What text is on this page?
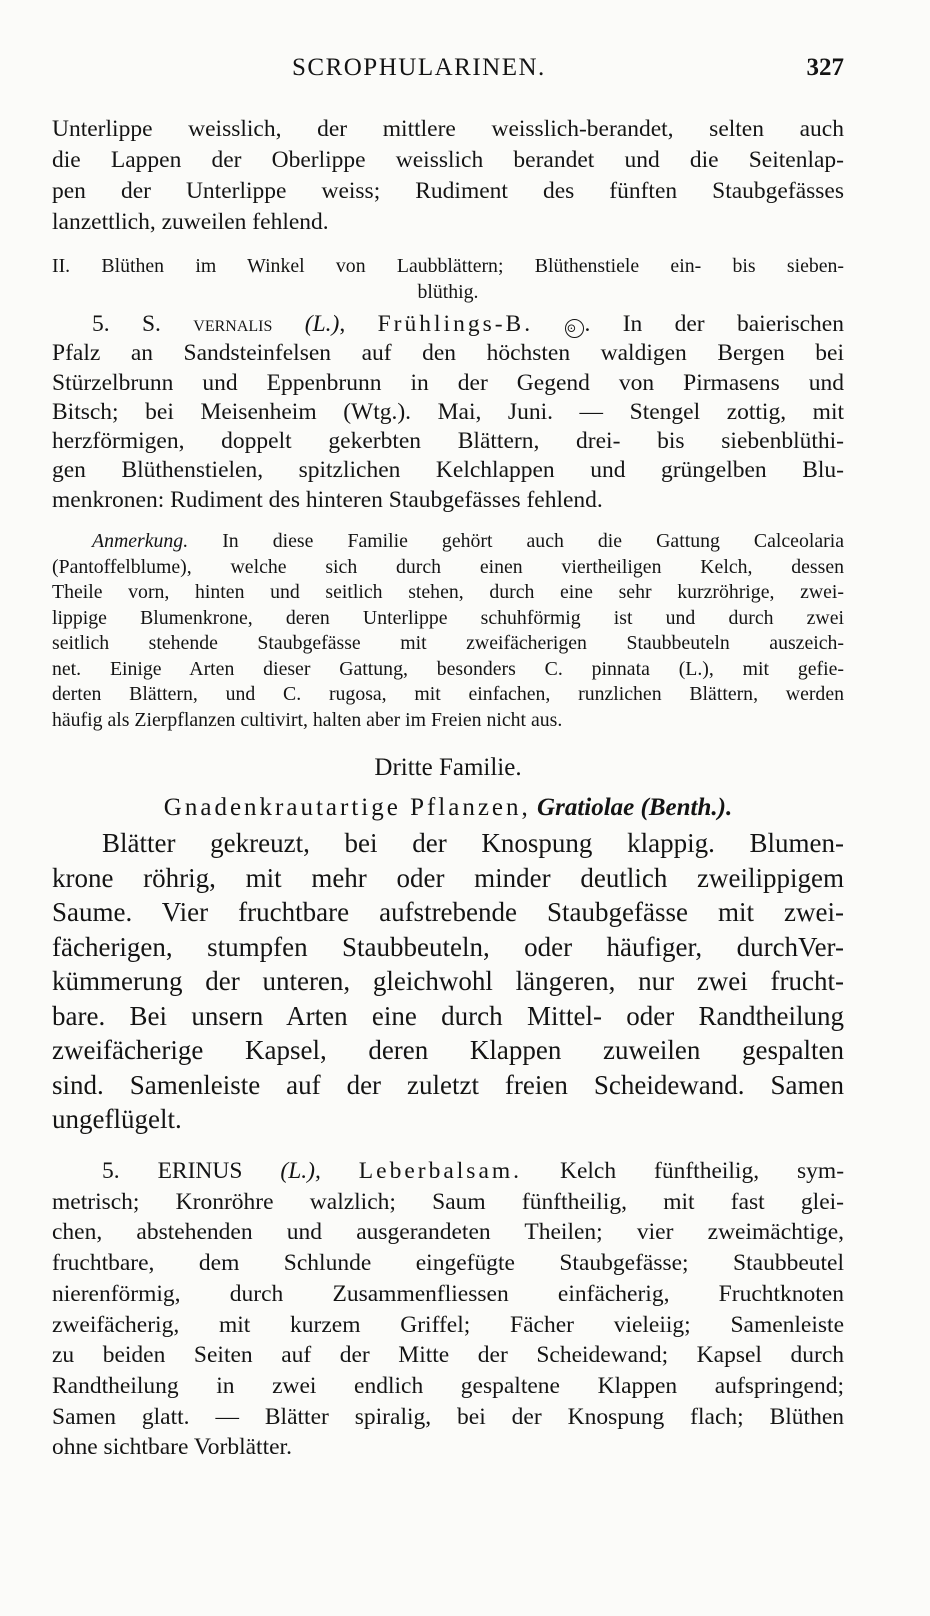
SCROPHULARINEN.	327
Unterlippe weisslich, der mittlere weisslich-berandet, selten auch
die Lappen der Oberlippe weisslich berandet und die Seitenlap-
pen der Unterlippe weiss; Rudiment des fünften Staubgefässes
lanzettlich, zuweilen fehlend.
II. Blüthen im Winkel von Laubblättern; Blüthenstiele ein- bis sieben-
blüthig.
5. S. vernalis (L.), Frühlings-B.	⊙ . In der baierischen
Pfalz an Sandsteinfelsen auf den höchsten waldigen Bergen bei
Stürzelbrunn und Eppenbrunn in der Gegend von Pirmasens und
Bitsch; bei Meisenheim (Wtg.). Mai, Juni. — Stengel zottig, mit
herzförmigen, doppelt gekerbten Blättern, drei- bis siebenblüthi-
gen Blüthenstielen, spitzlichen Kelchlappen und grüngelben Blu-
menkronen: Rudiment des hinteren Staubgefässes fehlend.
Anmerkung. In diese Familie gehört auch die Gattung Calceolaria
(Pantoffelblume), welche sich durch einen viertheiligen Kelch, dessen
Theile vorn, hinten und seitlich stehen, durch eine sehr kurzröhrige, zwei-
lippige Blumenkrone, deren Unterlippe schuhförmig ist und durch zwei
seitlich stehende Staubgefässe mit zweifächerigen Staubbeuteln auszeich-
net. Einige Arten dieser Gattung, besonders C. pinnata (L.), mit gefie-
derten Blättern, und C. rugosa, mit einfachen, runzlichen Blättern, werden
häufig als Zierpflanzen cultivirt, halten aber im Freien nicht aus.
Dritte Familie.
Gnadenkrautartige Pflanzen, Gratiolae (Benth.).
Blätter gekreuzt, bei der Knospung klappig. Blumen-
krone röhrig, mit mehr oder minder deutlich zweilippigem
Saume. Vier fruchtbare aufstrebende Staubgefässe mit zwei-
fächerigen, stumpfen Staubbeuteln, oder häufiger, durchVer-
kümmerung der unteren, gleichwohl längeren, nur zwei frucht-
bare. Bei unsern Arten eine durch Mittel- oder Randtheilung
zweifächerige Kapsel, deren Klappen zuweilen gespalten
sind. Samenleiste auf der zuletzt freien Scheidewand. Samen
ungeflügelt.
5. ERINUS (L.), Leberbalsam. Kelch fünftheilig, sym-
metrisch; Kronröhre walzlich; Saum fünftheilig, mit fast glei-
chen, abstehenden und ausgerandeten Theilen; vier zweimächtige,
fruchtbare, dem Schlunde eingefügte Staubgefässe; Staubbeutel
nierenförmig, durch Zusammenfliessen einfächerig, Fruchtknoten
zweifächerig, mit kurzem Griffel; Fächer vieleiig; Samenleiste
zu beiden Seiten auf der Mitte der Scheidewand; Kapsel durch
Randtheilung in zwei endlich gespaltene Klappen aufspringend;
Samen glatt. — Blätter spiralig, bei der Knospung flach; Blüthen
ohne sichtbare Vorblätter.
